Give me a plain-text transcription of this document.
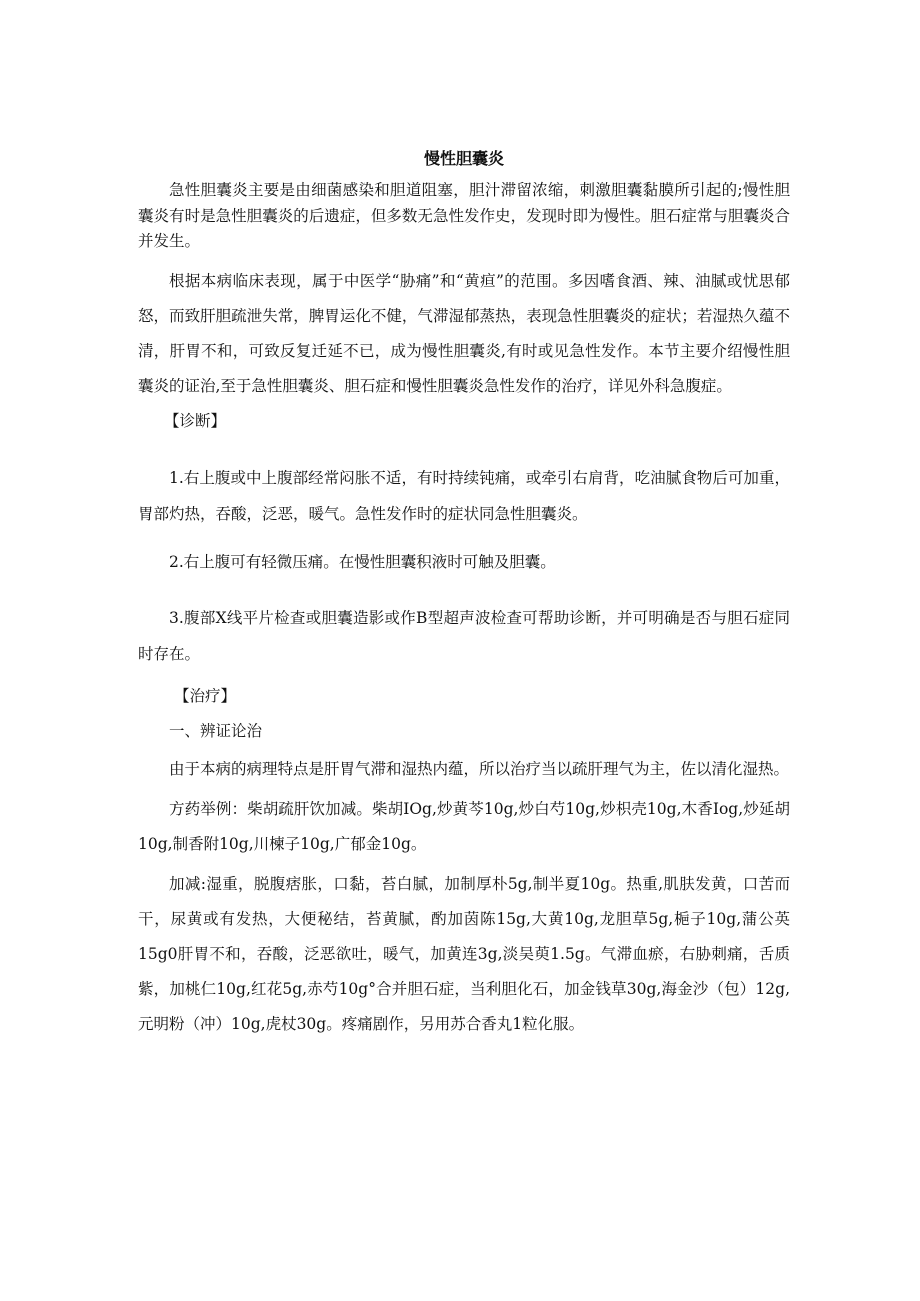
慢性胆囊炎

急性胆囊炎主要是由细菌感染和胆道阻塞，胆汁滞留浓缩，刺激胆囊黏膜所引起的;慢性胆囊炎有时是急性胆囊炎的后遗症，但多数无急性发作史，发现时即为慢性。胆石症常与胆囊炎合并发生。

根据本病临床表现，属于中医学“胁痛”和“黄疸”的范围。多因嗜食酒、辣、油腻或忧思郁怒，而致肝胆疏泄失常，脾胃运化不健，气滞湿郁蒸热，表现急性胆囊炎的症状；若湿热久蕴不清，肝胃不和，可致反复迁延不已，成为慢性胆囊炎,有时或见急性发作。本节主要介绍慢性胆囊炎的证治,至于急性胆囊炎、胆石症和慢性胆囊炎急性发作的治疗，详见外科急腹症。

【诊断】

1.右上腹或中上腹部经常闷胀不适，有时持续钝痛，或牵引右肩背，吃油腻食物后可加重，胃部灼热，吞酸，泛恶，暖气。急性发作时的症状同急性胆囊炎。

2.右上腹可有轻微压痛。在慢性胆囊积液时可触及胆囊。

3.腹部X线平片检查或胆囊造影或作B型超声波检查可帮助诊断，并可明确是否与胆石症同时存在。

【治疗】
一、辨证论治

由于本病的病理特点是肝胃气滞和湿热内蕴，所以治疗当以疏肝理气为主，佐以清化湿热。

方药举例：柴胡疏肝饮加减。柴胡IOg,炒黄芩10g,炒白芍10g,炒枳壳10g,木香Iog,炒延胡10g,制香附10g,川楝子10g,广郁金10g。

加减:湿重，脱腹痞胀，口黏，苔白腻，加制厚朴5g,制半夏10g。热重,肌肤发黄，口苦而干，尿黄或有发热，大便秘结，苔黄腻，酌加茵陈15g,大黄10g,龙胆草5g,梔子10g,蒲公英15g0肝胃不和，吞酸，泛恶欲吐，暖气，加黄连3g,淡吴萸1.5g。气滞血瘀，右胁刺痛，舌质紫，加桃仁10g,红花5g,赤芍10g°合并胆石症，当利胆化石，加金钱草30g,海金沙（包）12g,元明粉（冲）10g,虎杖30g。疼痛剧作，另用苏合香丸1粒化服。
